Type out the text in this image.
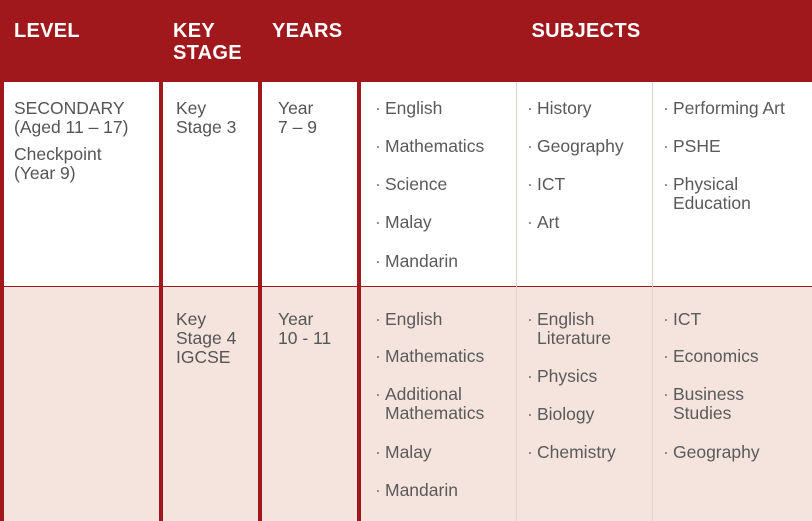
LEVEL	KEY
STAGE
YEARS	SUBJECTS
SECONDARY
(Aged 11 – 17)
Checkpoint
(Year 9)
Key
Stage 3
Year
7 – 9
Key
Stage 4
IGCSE
Year
10 - 11
· English
· Mathematics
· Science
· Malay
· Mandarin
· History
· Geography
· ICT
· Art
· Performing Art
· PSHE
· Physical
Education
· English
· Mathematics
· Additional
Mathematics
· Malay
· Mandarin
· English
Literature
· Physics
· Biology
· Chemistry
· ICT
· Economics
· Business
Studies
· Geography
